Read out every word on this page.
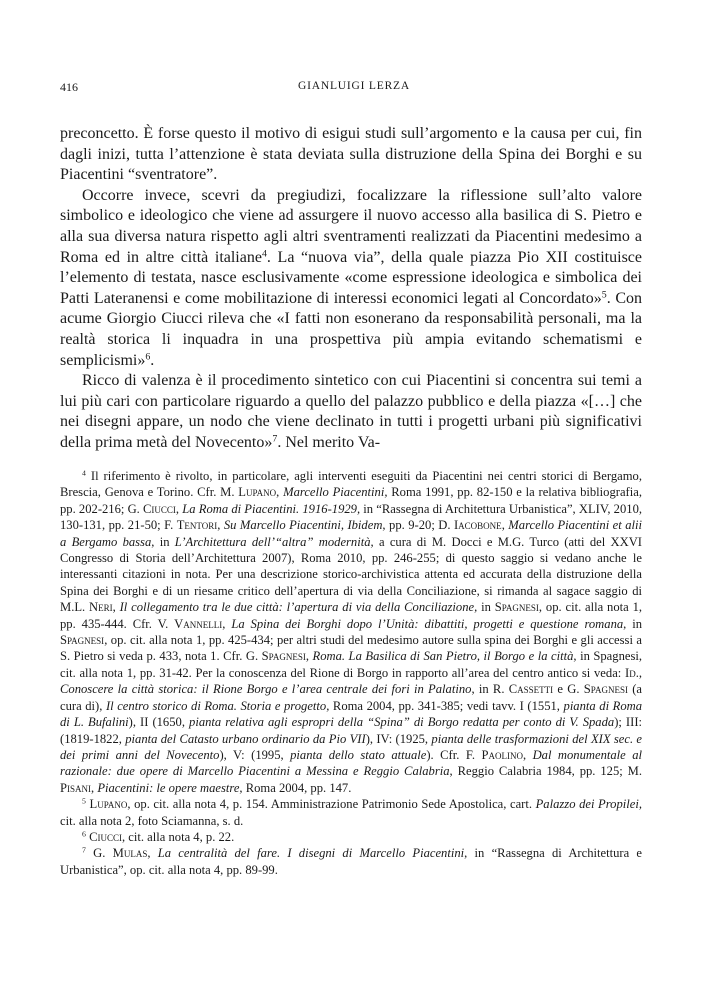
416	GIANLUIGI LERZA

preconcetto. È forse questo il motivo di esigui studi sull’argomento e la causa per cui, fin dagli inizi, tutta l’attenzione è stata deviata sulla distruzione della Spina dei Borghi e su Piacentini “sventratore”.

Occorre invece, scevri da pregiudizi, focalizzare la riflessione sull’alto valore simbolico e ideologico che viene ad assurgere il nuovo accesso alla basilica di S. Pietro e alla sua diversa natura rispetto agli altri sventramenti realizzati da Piacentini medesimo a Roma ed in altre città italiane$^4$. La “nuova via”, della quale piazza Pio XII costituisce l’elemento di testata, nasce esclusivamente «come espressione ideologica e simbolica dei Patti Lateranensi e come mobilitazione di interessi economici legati al Concordato»$^5$. Con acume Giorgio Ciucci rileva che «I fatti non esonerano da responsabilità personali, ma la realtà storica li inquadra in una prospettiva più ampia evitando schematismi e semplicismi»$^6$.

Ricco di valenza è il procedimento sintetico con cui Piacentini si concentra sui temi a lui più cari con particolare riguardo a quello del palazzo pubblico e della piazza «[…] che nei disegni appare, un nodo che viene declinato in tutti i progetti urbani più significativi della prima metà del Novecento»$^7$. Nel merito Va-

$^4$ Il riferimento è rivolto, in particolare, agli interventi eseguiti da Piacentini nei centri storici di Bergamo, Brescia, Genova e Torino. Cfr. M. Lupano, Marcello Piacentini, Roma 1991, pp. 82-150 e la relativa bibliografia, pp. 202-216; G. Ciucci, La Roma di Piacentini. 1916-1929, in “Rassegna di Architettura Urbanistica”, XLIV, 2010, 130-131, pp. 21-50; F. Tentori, Su Marcello Piacentini, Ibidem, pp. 9-20; D. Iacobone, Marcello Piacentini et alii a Bergamo bassa, in L’Architettura dell’“altra” modernità, a cura di M. Docci e M.G. Turco (atti del XXVI Congresso di Storia dell’Architettura 2007), Roma 2010, pp. 246-255; di questo saggio si vedano anche le interessanti citazioni in nota. Per una descrizione storico-archivistica attenta ed accurata della distruzione della Spina dei Borghi e di un riesame critico dell’apertura di via della Conciliazione, si rimanda al sagace saggio di M.L. Neri, Il collegamento tra le due città: l’apertura di via della Conciliazione, in Spagnesi, op. cit. alla nota 1, pp. 435-444. Cfr. V. Vannelli, La Spina dei Borghi dopo l’Unità: dibattiti, progetti e questione romana, in Spagnesi, op. cit. alla nota 1, pp. 425-434; per altri studi del medesimo autore sulla spina dei Borghi e gli accessi a S. Pietro si veda p. 433, nota 1. Cfr. G. Spagnesi, Roma. La Basilica di San Pietro, il Borgo e la città, in Spagnesi, cit. alla nota 1, pp. 31-42. Per la conoscenza del Rione di Borgo in rapporto all’area del centro antico si veda: Id., Conoscere la città storica: il Rione Borgo e l’area centrale dei fori in Palatino, in R. Cassetti e G. Spagnesi (a cura di), Il centro storico di Roma. Storia e progetto, Roma 2004, pp. 341-385; vedi tavv. I (1551, pianta di Roma di L. Bufalini), II (1650, pianta relativa agli espropri della “Spina” di Borgo redatta per conto di V. Spada); III: (1819-1822, pianta del Catasto urbano ordinario da Pio VII), IV: (1925, pianta delle trasformazioni del XIX sec. e dei primi anni del Novecento), V: (1995, pianta dello stato attuale). Cfr. F. Paolino, Dal monumentale al razionale: due opere di Marcello Piacentini a Messina e Reggio Calabria, Reggio Calabria 1984, pp. 125; M. Pisani, Piacentini: le opere maestre, Roma 2004, pp. 147.

$^5$ Lupano, op. cit. alla nota 4, p. 154. Amministrazione Patrimonio Sede Apostolica, cart. Palazzo dei Propilei, cit. alla nota 2, foto Sciamanna, s. d.

$^6$ Ciucci, cit. alla nota 4, p. 22.

$^7$ G. Mulas, La centralità del fare. I disegni di Marcello Piacentini, in “Rassegna di Architettura e Urbanistica”, op. cit. alla nota 4, pp. 89-99.
